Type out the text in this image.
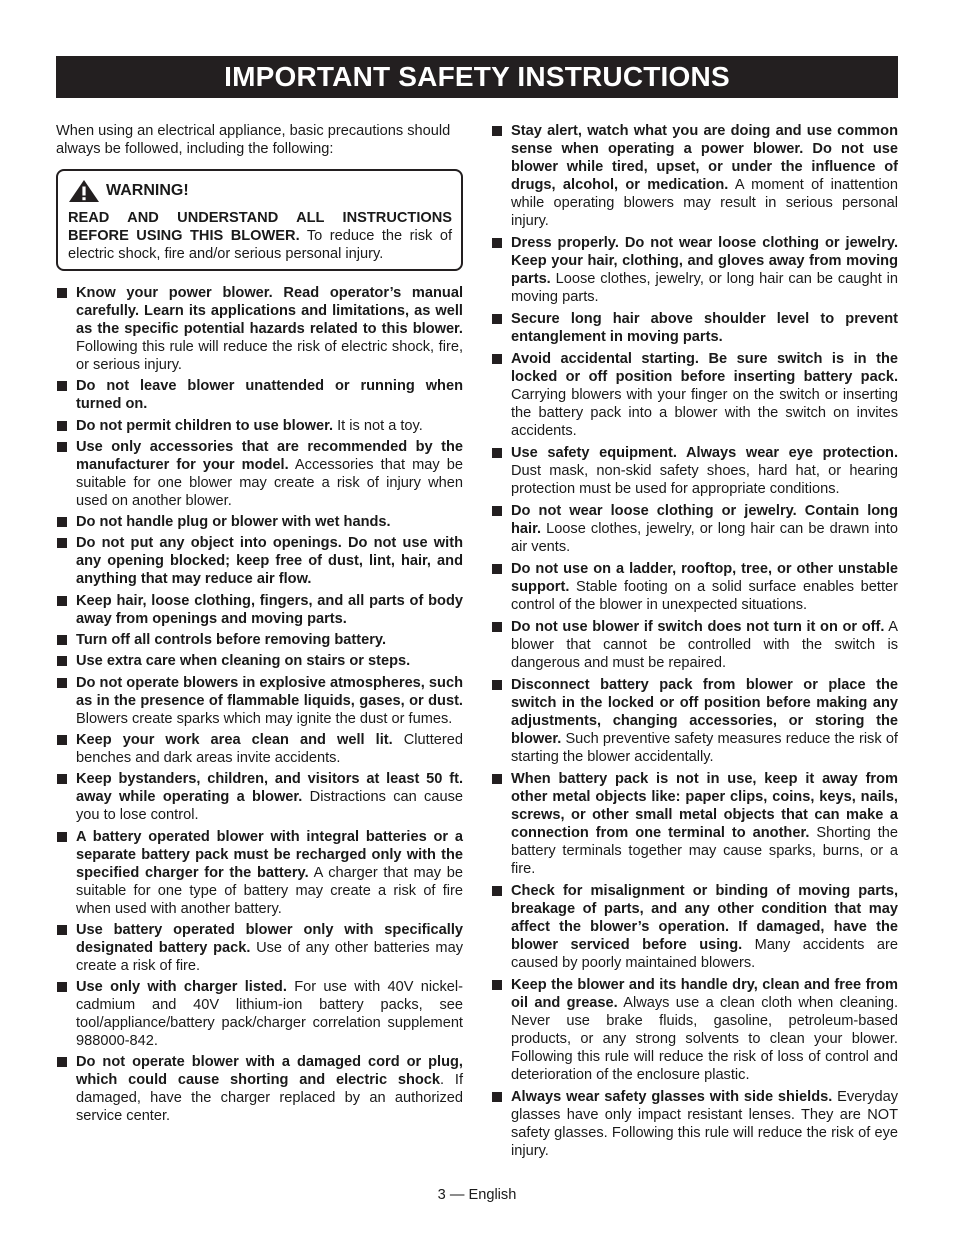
IMPORTANT SAFETY INSTRUCTIONS

When using an electrical appliance, basic precautions should always be followed, including the following:

WARNING!
READ AND UNDERSTAND ALL INSTRUCTIONS BEFORE USING THIS BLOWER. To reduce the risk of electric shock, fire and/or serious personal injury.
Know your power blower. Read operator’s manual carefully. Learn its applications and limitations, as well as the specific potential hazards related to this blower. Following this rule will reduce the risk of electric shock, fire, or serious injury.
Do not leave blower unattended or running when turned on.
Do not permit children to use blower. It is not a toy.
Use only accessories that are recommended by the manufacturer for your model. Accessories that may be suitable for one blower may create a risk of injury when used on another blower.
Do not handle plug or blower with wet hands.
Do not put any object into openings. Do not use with any opening blocked; keep free of dust, lint, hair, and anything that may reduce air flow.
Keep hair, loose clothing, fingers, and all parts of body away from openings and moving parts.
Turn off all controls before removing battery.
Use extra care when cleaning on stairs or steps.
Do not operate blowers in explosive atmospheres, such as in the presence of flammable liquids, gases, or dust. Blowers create sparks which may ignite the dust or fumes.
Keep your work area clean and well lit. Cluttered benches and dark areas invite accidents.
Keep bystanders, children, and visitors at least 50 ft. away while operating a blower. Distractions can cause you to lose control.
A battery operated blower with integral batteries or a separate battery pack must be recharged only with the specified charger for the battery. A charger that may be suitable for one type of battery may create a risk of fire when used with another battery.
Use battery operated blower only with specifically designated battery pack. Use of any other batteries may create a risk of fire.
Use only with charger listed. For use with 40V nickel-cadmium and 40V lithium-ion battery packs, see tool/appliance/battery pack/charger correlation supplement 988000-842.
Do not operate blower with a damaged cord or plug, which could cause shorting and electric shock. If damaged, have the charger replaced by an authorized service center.
Stay alert, watch what you are doing and use common sense when operating a power blower. Do not use blower while tired, upset, or under the influence of drugs, alcohol, or medication. A moment of inattention while operating blowers may result in serious personal injury.
Dress properly. Do not wear loose clothing or jewelry. Keep your hair, clothing, and gloves away from moving parts. Loose clothes, jewelry, or long hair can be caught in moving parts.
Secure long hair above shoulder level to prevent entanglement in moving parts.
Avoid accidental starting. Be sure switch is in the locked or off position before inserting battery pack. Carrying blowers with your finger on the switch or inserting the battery pack into a blower with the switch on invites accidents.
Use safety equipment. Always wear eye protection. Dust mask, non-skid safety shoes, hard hat, or hearing protection must be used for appropriate conditions.
Do not wear loose clothing or jewelry. Contain long hair. Loose clothes, jewelry, or long hair can be drawn into air vents.
Do not use on a ladder, rooftop, tree, or other unstable support. Stable footing on a solid surface enables better control of the blower in unexpected situations.
Do not use blower if switch does not turn it on or off. A blower that cannot be controlled with the switch is dangerous and must be repaired.
Disconnect battery pack from blower or place the switch in the locked or off position before making any adjustments, changing accessories, or storing the blower. Such preventive safety measures reduce the risk of starting the blower accidentally.
When battery pack is not in use, keep it away from other metal objects like: paper clips, coins, keys, nails, screws, or other small metal objects that can make a connection from one terminal to another. Shorting the battery terminals together may cause sparks, burns, or a fire.
Check for misalignment or binding of moving parts, breakage of parts, and any other condition that may affect the blower’s operation. If damaged, have the blower serviced before using. Many accidents are caused by poorly maintained blowers.
Keep the blower and its handle dry, clean and free from oil and grease. Always use a clean cloth when cleaning. Never use brake fluids, gasoline, petroleum-based products, or any strong solvents to clean your blower. Following this rule will reduce the risk of loss of control and deterioration of the enclosure plastic.
Always wear safety glasses with side shields. Everyday glasses have only impact resistant lenses. They are NOT safety glasses. Following this rule will reduce the risk of eye injury.
3 — English
